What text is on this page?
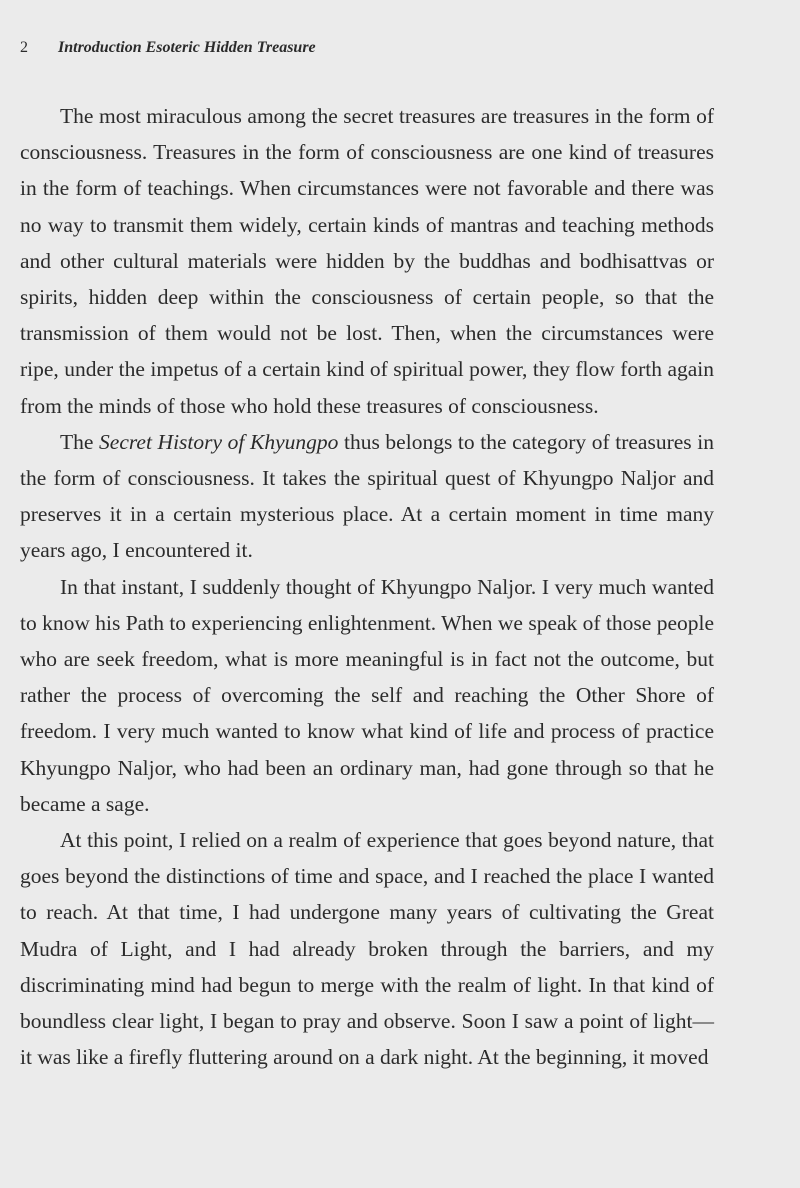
2 Introduction Esoteric Hidden Treasure

The most miraculous among the secret treasures are treasures in the form of consciousness. Treasures in the form of consciousness are one kind of treasures in the form of teachings. When circumstances were not favorable and there was no way to transmit them widely, certain kinds of mantras and teaching methods and other cultural materials were hidden by the buddhas and bodhisattvas or spirits, hidden deep within the consciousness of certain people, so that the transmission of them would not be lost. Then, when the circumstances were ripe, under the impetus of a certain kind of spiritual power, they flow forth again from the minds of those who hold these treasures of consciousness.

The Secret History of Khyungpo thus belongs to the category of treasures in the form of consciousness. It takes the spiritual quest of Khyungpo Naljor and preserves it in a certain mysterious place. At a certain moment in time many years ago, I encountered it.

In that instant, I suddenly thought of Khyungpo Naljor. I very much wanted to know his Path to experiencing enlightenment. When we speak of those people who are seek freedom, what is more meaningful is in fact not the outcome, but rather the process of overcoming the self and reaching the Other Shore of freedom. I very much wanted to know what kind of life and process of practice Khyungpo Naljor, who had been an ordinary man, had gone through so that he became a sage.

At this point, I relied on a realm of experience that goes beyond nature, that goes beyond the distinctions of time and space, and I reached the place I wanted to reach. At that time, I had undergone many years of cultivating the Great Mudra of Light, and I had already broken through the barriers, and my discriminating mind had begun to merge with the realm of light. In that kind of boundless clear light, I began to pray and observe. Soon I saw a point of light—it was like a firefly fluttering around on a dark night. At the beginning, it moved
